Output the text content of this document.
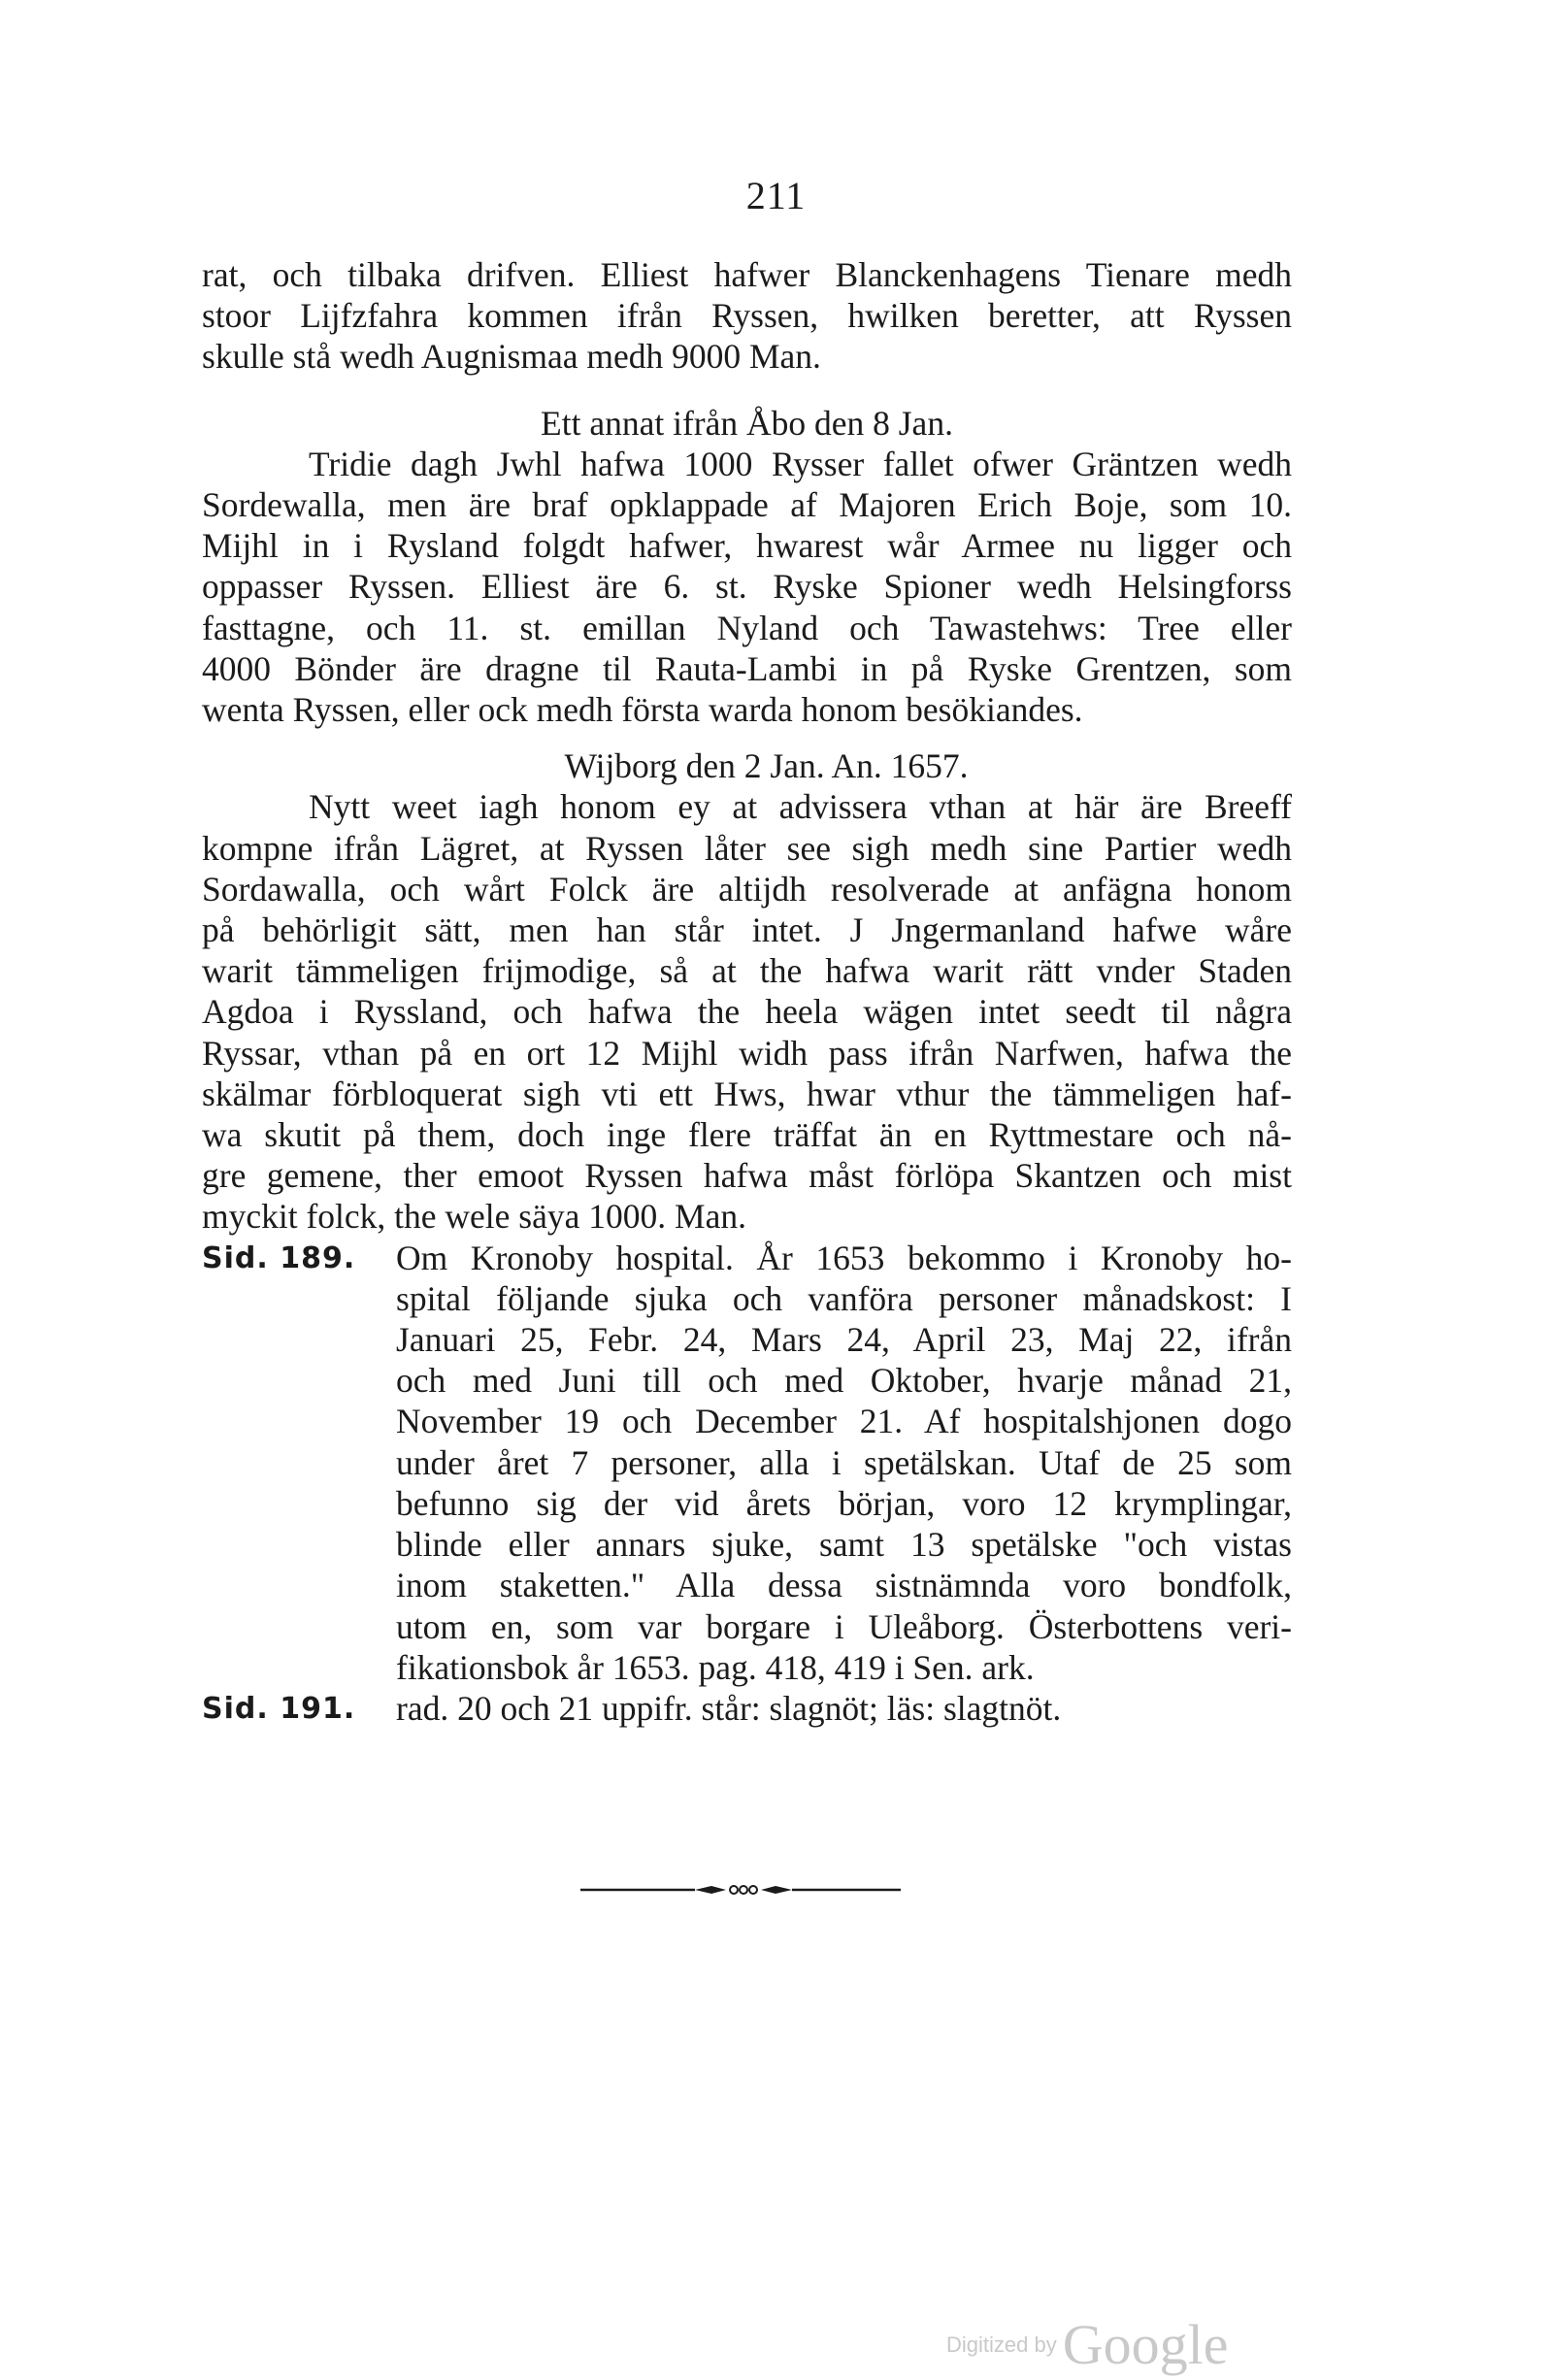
211
rat, och tilbaka drifven. Elliest hafwer Blanckenhagens Tienare medh
stoor Lijfzfahra kommen ifrån Ryssen, hwilken beretter, att Ryssen
skulle stå wedh Augnismaa medh 9000 Man.
Ett annat ifrån Åbo den 8 Jan.
Tridie dagh Jwhl hafwa 1000 Rysser fallet ofwer Gräntzen wedh
Sordewalla, men äre braf opklappade af Majoren Erich Boje, som 10.
Mijhl in i Rysland folgdt hafwer, hwarest wår Armee nu ligger och
oppasser Ryssen. Elliest äre 6. st. Ryske Spioner wedh Helsingforss
fasttagne, och 11. st. emillan Nyland och Tawastehws: Tree eller
4000 Bönder äre dragne til Rauta-Lambi in på Ryske Grentzen, som
wenta Ryssen, eller ock medh första warda honom besökiandes.
Wijborg den 2 Jan. An. 1657.
Nytt weet iagh honom ey at advissera vthan at här äre Breeff
kompne ifrån Lägret, at Ryssen låter see sigh medh sine Partier wedh
Sordawalla, och wårt Folck äre altijdh resolverade at anfägna honom
på behörligit sätt, men han står intet. J Jngermanland hafwe wåre
warit tämmeligen frijmodige, så at the hafwa warit rätt vnder Staden
Agdoa i Ryssland, och hafwa the heela wägen intet seedt til några
Ryssar, vthan på en ort 12 Mijhl widh pass ifrån Narfwen, hafwa the
skälmar förbloquerat sigh vti ett Hws, hwar vthur the tämmeligen haf-
wa skutit på them, doch inge flere träffat än en Ryttmestare och nå-
gre gemene, ther emoot Ryssen hafwa måst förlöpa Skantzen och mist
myckit folck, the wele säya 1000. Man.
Sid. 189.	Om Kronoby hospital. År 1653 bekommo i Kronoby ho-
spital följande sjuka och vanföra personer månadskost: I
Januari 25, Febr. 24, Mars 24, April 23, Maj 22, ifrån
och med Juni till och med Oktober, hvarje månad 21,
November 19 och December 21. Af hospitalshjonen dogo
under året 7 personer, alla i spetälskan. Utaf de 25 som
befunno sig der vid årets början, voro 12 krymplingar,
blinde eller annars sjuke, samt 13 spetälske "och vistas
inom staketten." Alla dessa sistnämnda voro bondfolk,
utom en, som var borgare i Uleåborg. Österbottens veri-
fikationsbok år 1653. pag. 418, 419 i Sen. ark.
Sid. 191.	rad. 20 och 21 uppifr. står: slagnöt; läs: slagtnöt.
Digitized by Google
